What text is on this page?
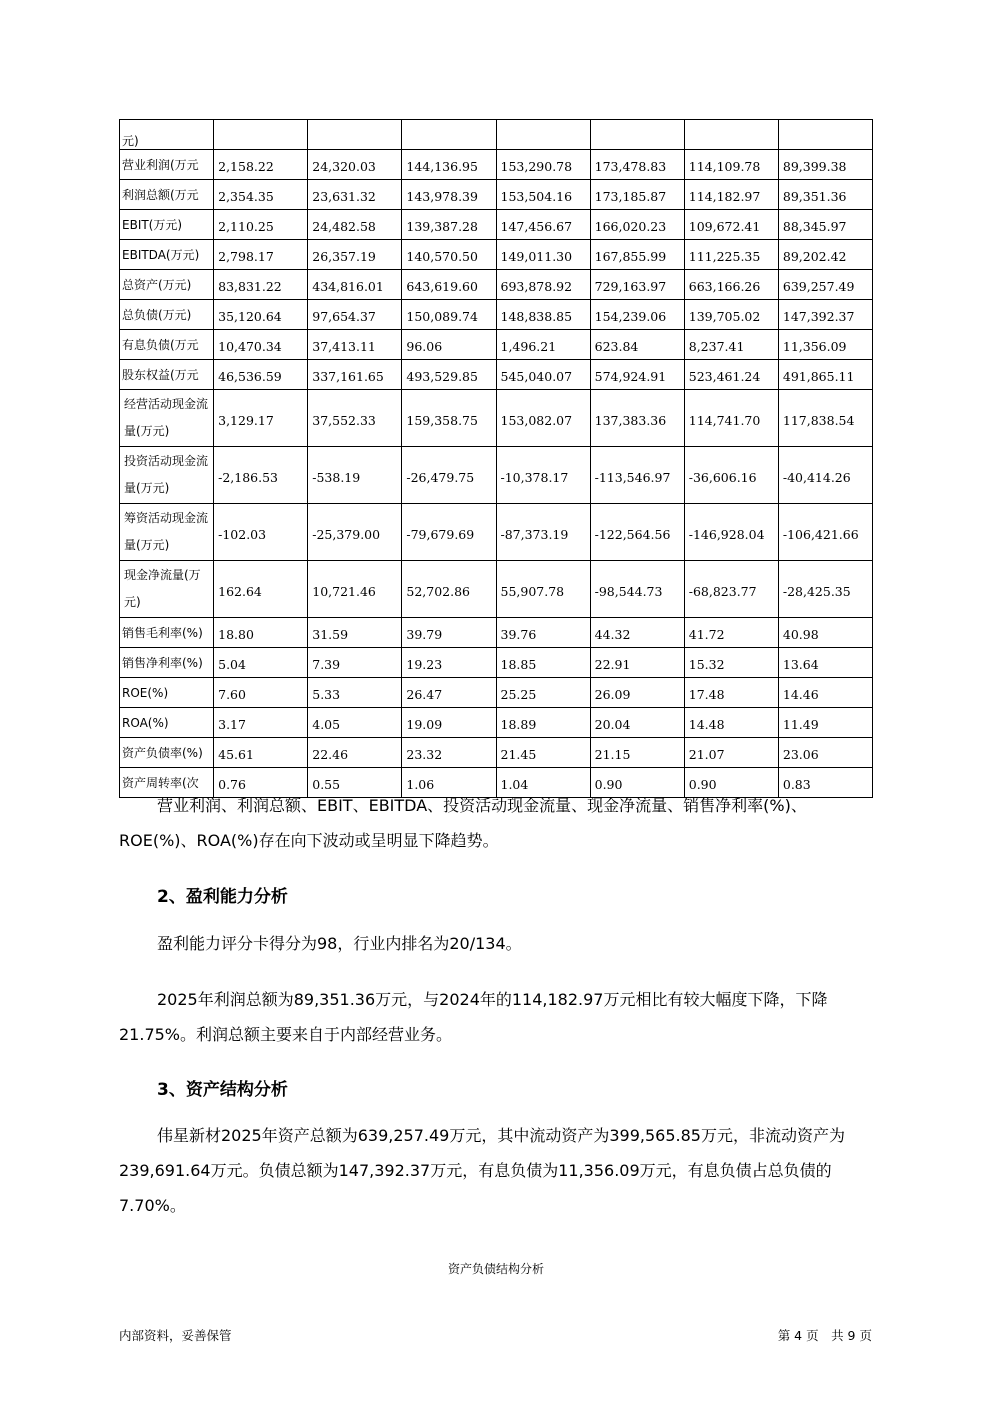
元)							
营业利润(万元	2,158.22	24,320.03	144,136.95	153,290.78	173,478.83	114,109.78	89,399.38
利润总额(万元	2,354.35	23,631.32	143,978.39	153,504.16	173,185.87	114,182.97	89,351.36
EBIT(万元)	2,110.25	24,482.58	139,387.28	147,456.67	166,020.23	109,672.41	88,345.97
EBITDA(万元)	2,798.17	26,357.19	140,570.50	149,011.30	167,855.99	111,225.35	89,202.42
总资产(万元)	83,831.22	434,816.01	643,619.60	693,878.92	729,163.97	663,166.26	639,257.49
总负债(万元)	35,120.64	97,654.37	150,089.74	148,838.85	154,239.06	139,705.02	147,392.37
有息负债(万元	10,470.34	37,413.11	96.06	1,496.21	623.84	8,237.41	11,356.09
股东权益(万元	46,536.59	337,161.65	493,529.85	545,040.07	574,924.91	523,461.24	491,865.11
经营活动现金流量(万元)	3,129.17	37,552.33	159,358.75	153,082.07	137,383.36	114,741.70	117,838.54
投资活动现金流量(万元)	-2,186.53	-538.19	-26,479.75	-10,378.17	-113,546.97	-36,606.16	-40,414.26
筹资活动现金流量(万元)	-102.03	-25,379.00	-79,679.69	-87,373.19	-122,564.56	-146,928.04	-106,421.66
现金净流量(万元)	162.64	10,721.46	52,702.86	55,907.78	-98,544.73	-68,823.77	-28,425.35
销售毛利率(%)	18.80	31.59	39.79	39.76	44.32	41.72	40.98
销售净利率(%)	5.04	7.39	19.23	18.85	22.91	15.32	13.64
ROE(%)	7.60	5.33	26.47	25.25	26.09	17.48	14.46
ROA(%)	3.17	4.05	19.09	18.89	20.04	14.48	11.49
资产负债率(%)	45.61	22.46	23.32	21.45	21.15	21.07	23.06
资产周转率(次	0.76	0.55	1.06	1.04	0.90	0.90	0.83
营业利润、利润总额、EBIT、EBITDA、投资活动现金流量、现金净流量、销售净利率(%)、ROE(%)、ROA(%)存在向下波动或呈明显下降趋势。
2、盈利能力分析
盈利能力评分卡得分为98，行业内排名为20/134。
2025年利润总额为89,351.36万元，与2024年的114,182.97万元相比有较大幅度下降，下降21.75%。利润总额主要来自于内部经营业务。
3、资产结构分析
伟星新材2025年资产总额为639,257.49万元，其中流动资产为399,565.85万元，非流动资产为239,691.64万元。负债总额为147,392.37万元，有息负债为11,356.09万元，有息负债占总负债的7.70%。
资产负债结构分析
内部资料，妥善保管	第 4 页　共 9 页
